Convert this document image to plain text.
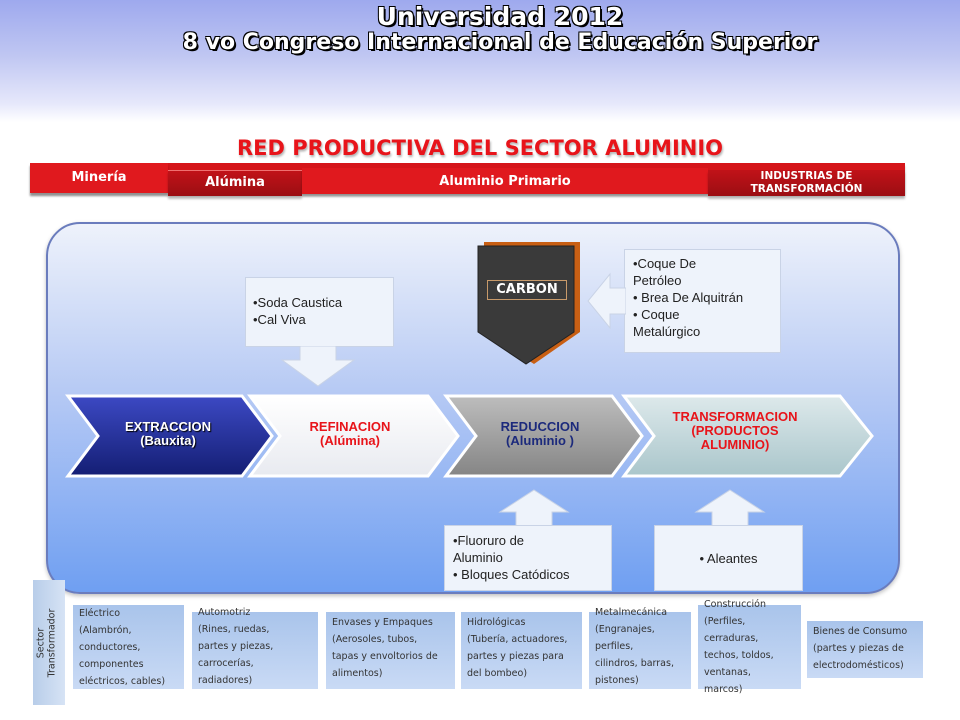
Universidad 2012
8 vo Congreso Internacional de Educación Superior
RED PRODUCTIVA DEL SECTOR ALUMINIO
Minería	Alúmina	Aluminio Primario	INDUSTRIAS DE TRANSFORMACIÓN
EXTRACCION
(Bauxita)
REFINACION
(Alúmina)
REDUCCION
(Aluminio )
TRANSFORMACION
(PRODUCTOS
ALUMINIO)
CARBON
•Soda Caustica
•Cal Viva
•Coque De
Petróleo
• Brea De Alquitrán
• Coque
Metalúrgico
•Fluoruro de
Aluminio
• Bloques Catódicos
• Aleantes
Sector Transformador Eléctrico
(Alambrón,
conductores,
componentes
eléctricos, cables)
Automotriz
(Rines, ruedas,
partes y piezas,
carrocerías,
radiadores)
Envases y Empaques
(Aerosoles, tubos,
tapas y envoltorios de
alimentos)
Hidrológicas
(Tubería, actuadores,
partes y piezas para
del bombeo)
Metalmecánica
(Engranajes,
perfiles,
cilindros, barras,
pistones)
Construcción
(Perfiles,
cerraduras,
techos, toldos,
ventanas,
marcos)
Bienes de Consumo
(partes y piezas de
electrodomésticos)
